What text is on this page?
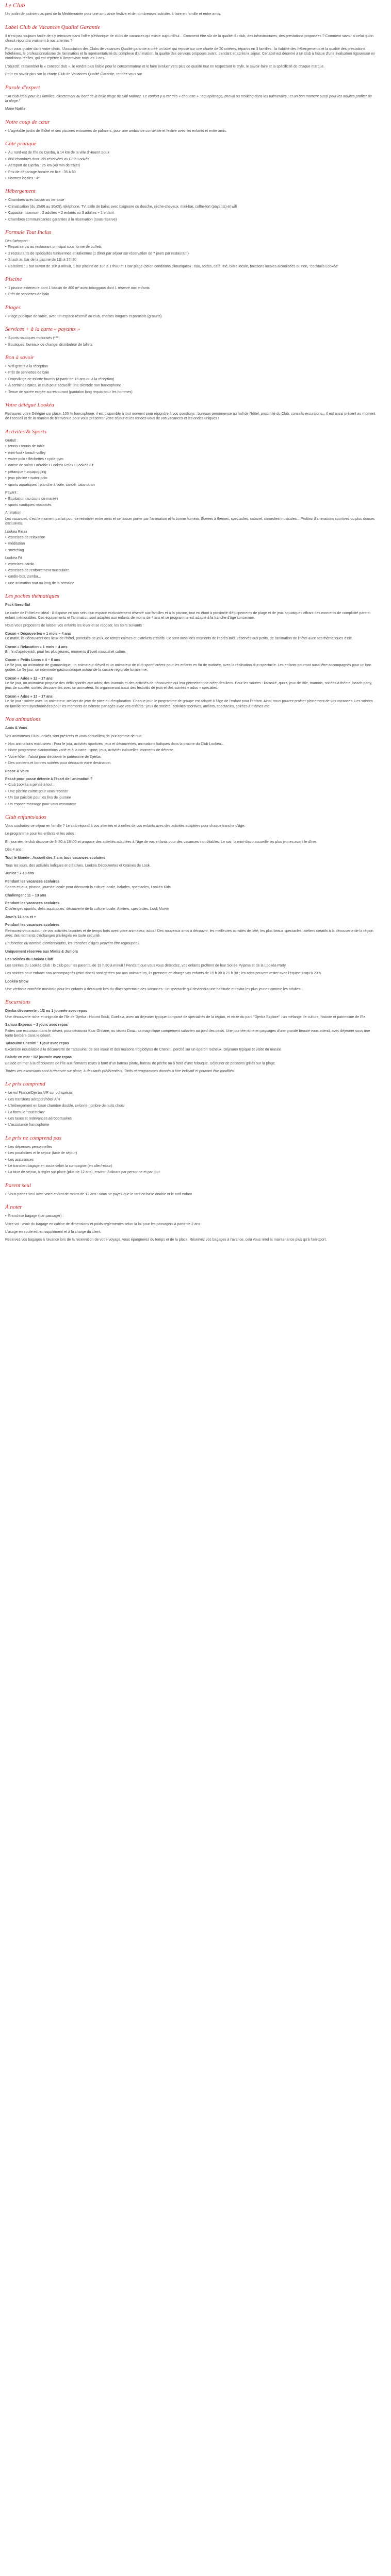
Le Club

Un jardin de palmiers au pied de la Méditerranée pour une ambiance festive et de nombreuses activités à faire en famille et entre amis.

Label Club de Vacances Qualité Garantie

Il n'est pas toujours facile de s'y retrouver dans l'offre pléthorique de clubs de vacances qui existe aujourd'hui... Comment être sûr de la qualité du club, des infrastructures, des prestations proposées ? Comment savoir si celui qu'on choisit répondra vraiment à nos attentes ?

Pour vous guider dans votre choix, l'Association des Clubs de vacances Qualité garantie a créé un label qui repose sur une charte de 20 critères, répartis en 3 familles : la fiabilité des hébergements et la qualité des prestations hôtelières, le professionnalisme de l'animation et la représentativité du complexe d'animation, la qualité des services proposés avant, pendant et après le séjour. Ce label est décerné à un club à l'issue d'une évaluation rigoureuse en conditions réelles, qui est répétée à l'improviste tous les 3 ans.

L'objectif, rassembler le « concept club », le rendre plus lisible pour le consommateur et le faire évoluer vers plus de qualité tout en respectant le style, le savoir-faire et la spécificité de chaque marque.

Pour en savoir plus sur la charte Club de Vacances Qualité Garantie, rendez-vous sur

Parole d'expert

"Un club idéal pour les familles, directement au bord de la belle plage de Sidi Mahrez. Le confort y a est très « chouette » : aquaplanage, cheval ou trekking dans les palmeraies ; et un bon moment aussi pour les adultes profiter de la plage."

Marie Noëlle

Notre coup de cœur
• L'agréable jardin de l'hôtel et ses piscines entourées de palmiers, pour une ambiance conviviale et festive avec les enfants et entre amis.
Côté pratique
• Au nord-est de l'île de Djerba, à 14 km de la ville d'Houmt Souk
• 850 chambres dont 195 réservées au Club Lookéa
• Aéroport de Djerba : 25 km (40 min de trajet)
• Prix de départage horaire en fixe : 35 à 60
• Normes locales : 4*
Hébergement
• Chambres avec balcon ou terrasse
• Climatisation (du 15/06 au 30/09), téléphone, TV, salle de bains avec baignoire ou douche, sèche-cheveux, mini-bar, coffre-fort (payants) et wifi
• Capacité maximum : 2 adultes + 2 enfants ou 3 adultes + 1 enfant
• Chambres communicantes garanties à la réservation (sous réserve)
Formule Tout Inclus

Dès l'aéroport :

• Repas servis au restaurant principal sous forme de buffets
• 2 restaurants de spécialités tunisiennes et italiennes (1 dîner par séjour sur réservation de 7 jours par restaurant)
• Snack au bar de la piscine de 11h à 17h30
• Boissons : 1 bar ouvert de 10h à minuit, 1 bar piscine de 10h à 17h30 et 1 bar plage (selon conditions climatiques) : eau, sodas, café, thé, bière locale, boissons locales alcoolisées ou non, "cocktails Lookéa"
Piscine
• 1 piscine extérieure dont 1 bassin de 400 m² avec toboggans dont 1 réservé aux enfants
• Prêt de serviettes de bain
Plages
• Plage publique de sable, avec un espace réservé au club, chaises longues et parasols (gratuits)
Services + à la carte « payants »
• Sports nautiques motorisés (***)
• Boutiques, bureaux de change, distributeur de billets
Bon à savoir
• Wifi gratuit à la réception
• Prêt de serviettes de bain
• Draps/linge de toilette fournis (à partir de 18 ans ou à la réception)
• À certaines dates, le club peut accueillir une clientèle non francophone
• Tenue de soirée exigée au restaurant (pantalon long requis pour les hommes)
Votre détégué Lookéa

Retrouvez votre Délégué sur place, 100 % francophone, il est disponible à tout moment pour répondre à vos questions : bureaux permanence au hall de l'hôtel, proximité du Club, conseils excursions... Il est aussi présent au moment de l'accueil et de la réunion de bienvenue pour vous présenter votre séjour et les rendez-vous de vos vacances et les ondes uniques !

Activités & Sports

Gratuit :

• tennis • tennis de table
• mini-foot • beach-volley
• water-polo • fléchettes • cycle-gym
• danse de salon • aérobic • Lookéa Relax • Lookéa Fit
• pétanque • aquajogging
• jeux piscine • water-polo
• sports aquatiques : planche à voile, canoë, catamaran

Payant :

• Équitation (au cours de marée)
• sports nautiques motorisés

Animation

Les vacances, c'est le moment parfait pour se retrouver entre amis et se laisser porter par l'animation et la bonne humeur. Soirées à thèmes, spectacles, cabaret, comédies musicales... Profitez d'animations sportives ou plus douces exclusives.

Lookéa Relax

• exercices de relaxation
• méditation
• stretching

Lookéa Fit

• exercices cardio
• exercices de renforcement musculaire
• cardio-box, zumba...
• une animation tout au long de la semaine
Les poches thématiques

Pack Ibero-Sol

Le cadre de l'hôtel est idéal : il dispose en son sein d'un espace exclusivement réservé aux familles et à la piscine, tout en étant à proximité d'équipements de plage et de jeux aquatiques offrant des moments de complicité parent-enfant mémorables. Ces équipements et l'animation sont adaptés aux enfants de moins de 4 ans et ce programme est adapté à la tranche d'âge concernée.

Nous vous proposons de laisser vos enfants les lever et se reposer, les soirs suivants :

Cocon « Découvertes » 1 mois – 4 ans

Le matin, ils découvrent des lieux de l'hôtel, ponctués de jeux, de temps calmes et d'ateliers créatifs. Ce sont aussi des moments de l'après-midi, réservés aux petits, de l'animation de l'hôtel avec ses thématiques d'été.

Cocon « Relaxation » 1 mois – 4 ans

En fin d'après-midi, pour les plus jeunes, moments d'éveil musical et calme.

Cocon « Petits Lions » 4 – 6 ans

Le 5e jour, un animateur de gymnastique, un animateur d'éveil et un animateur de club sportif créent pour les enfants en fin de matinée, avec la réalisation d'un spectacle. Les enfants pourront aussi être accompagnés pour un bon goûter. Le 5e jour, un intermède gastronomique autour de la cuisine régionale tunisienne.

Cocon « Ados » 12 – 17 ans

Le 5e jour, un animateur propose des défis sportifs aux ados, des tournois et des activités de découverte qui leur permettent de créer des liens. Pour les soirées : karaoké, quizz, jeux de rôle, tournois, soirées à thème, beach-party, jeux de société, sorties découvertes avec un animateur. Ils organiseront aussi des festivals de jeux et des soirées « ados » spéciales.

Cocon « Ados » 13 – 17 ans

Le 3e jour : soirée avec un animateur, ateliers de jeux de piste ou d'exploration. Chaque jour, le programme de groupe est adapté à l'âge de l'enfant pour l'enfant. Ainsi, vous pouvez profiter pleinement de vos vacances. Les soirées en famille sont synchronisées pour les moments de détente partagés avec vos enfants : jeux de société, activités sportives, ateliers, spectacles, soirées à thèmes etc.

Nos animations

Amis & Vous

Vos animateurs Club Lookéa sont présents et vous accueillent de jour comme de nuit.

• Nos animations exclusives : Pour le jour, activités sportives, jeux et découvertes, animations ludiques dans la piscine du Club Lookéa...
• Notre programme d'animations varié et à la carte : sport, jeux, activités culturelles, moments de détente.
• Votre hôtel : l'atout pour découvrir le patrimoine de Djerba.
• Des concerts et bonnes soirées pour découvrir votre destination.

Passe & Vous

Passé pour passe détente à l'écart de l'animation ?

• Club Lookéa a pensé à tout :
• Une piscine calme pour vous reposer
• Un bar paisible pour les fins de journée
• Un espace massage pour vous ressourcer
Club enfants/ados

Vous souhaitez ce séjour en famille ? Le club répond à vos attentes et à celles de vos enfants avec des activités adaptées pour chaque tranche d'âge.

Le programme pour les enfants et les ados :

En journée, le club dispose de 9h30 à 18h00 et propose des activités adaptées à l'âge de vos enfants pour des vacances inoubliables. Le soir, la mini-disco accueille les plus jeunes avant le dîner.

Dès 4 ans :

Tout le Monde : Accueil des 3 ans tous vacances scolaires

Tous les jours, des activités ludiques et créatives, Lookéa Découvertes et Graines de Look.

Junior : 7-10 ans

Pendant les vacances scolaires

Sports et jeux, piscine, journée locale pour découvrir la culture locale, balades, spectacles, Lookéa Kids.

Challenger : 11 – 13 ans

Pendant les vacances scolaires

Challenges sportifs, défis aquatiques, découverte de la culture locale, Ateliers, spectacles, Look Movie.

Jeun's 14 ans et +

Pendant les vacances scolaires

Retrouvez-vous autour de vos activités favorites et de temps forts avec votre animateur, ados ! Des nouveaux amis à découvrir, les meilleures activités de l'été, les plus beaux spectacles, ateliers créatifs à la découverte de la région avec des moments d'échanges privilégiés en toute sécurité.

En fonction du nombre d'enfants/ados, les tranches d'âges peuvent être regroupées.

Uniquement réservés aux Mimis & Juniors

Les soirées du Lookéa Club

Les soirées du Lookéa Club : le club pour les parents, de 19 h 30 à minuit ! Pendant que vous vous détendez, vos enfants profitent de leur Soirée Pyjama et de la Lookéa Party.

Les soirées pour enfants non accompagnés (mini-disco) sont gérées par nos animateurs, ils prennent en charge vos enfants de 19 h 30 à 21 h 30 ; les ados peuvent rester avec l'équipe jusqu'à 23 h.

Lookéa Show

Une véritable comédie musicale pour les enfants à découvrir lors du dîner-spectacle des vacances : un spectacle qui deviendra une habitude et ravira les plus jeunes comme les adultes !

Excursions

Djerba découverte : 1/2 ou 1 journée avec repas

Une découverte riche et originale de l'île de Djerba : Houmt Souk, Guellala, avec un déjeuner typique composé de spécialités de la région, et visite du parc "Djerba Explore" : un mélange de culture, histoire et patrimoine de l'île.

Sahara Express – 2 jours avec repas

Faites une excursion dans le désert, pour découvrir Ksar Ghilane, ou visitez Douz, sa magnifique campement saharien au pied des oasis. Une journée riche en paysages d'une grande beauté vous attend, avec déjeuner sous une tente berbère dans le désert.

Tataouine Chenini : 1 jour avec repas

Excursion inoubliable à la découverte de Tataouine, de ses ksour et des maisons troglodytes de Chenini, perché sur un éperon rocheux. Déjeuner typique et visite du musée.

Balade en mer : 1/2 journée avec repas

Balade en mer à la découverte de l'île aux flamants roses à bord d'un bateau pirate, bateau de pêche ou à bord d'une felouque. Déjeuner de poissons grillés sur la plage.

Toutes ces excursions sont à réserver sur place, à des tarifs préférentiels. Tarifs et programmes donnés à titre indicatif et pouvant être modifiés.

Le prix comprend
• Le vol France/Djerba A/R sur vol spécial
• Les transferts aéroport/hôtel A/R
• L'hébergement en base chambre double, selon le nombre de nuits choisi
• La formule "tout inclus"
• Les taxes et redevances aéroportuaires
• L'assistance francophone
Le prix ne comprend pas
• Les dépenses personnelles
• Les pourboires et le sejour (taxe de séjour)
• Les assurances
• Le transfert bagage en soute selon la compagnie (en aller/retour)
• La taxe de séjour, à régler sur place (plus de 12 ans), environ 3 dinars par personne et par jour
Parent seul
• Vous partez seul avec votre enfant de moins de 12 ans : vous ne payez que le tarif en base double et le tarif enfant.
À noter
• Franchise bagage (par passager) :

Votre vol : avoir du bagage en cabine de dimensions et poids réglementés selon la loi pour les passagers à partir de 2 ans.

L'usage en soute est en supplément et à la charge du client.

Réservez vos bagages à l'avance lors de la réservation de votre voyage, vous épargnerez du temps et de la place. Réservez vos bagages à l'avance, cela vous rend la maintenance plus qu'à l'aéroport.
